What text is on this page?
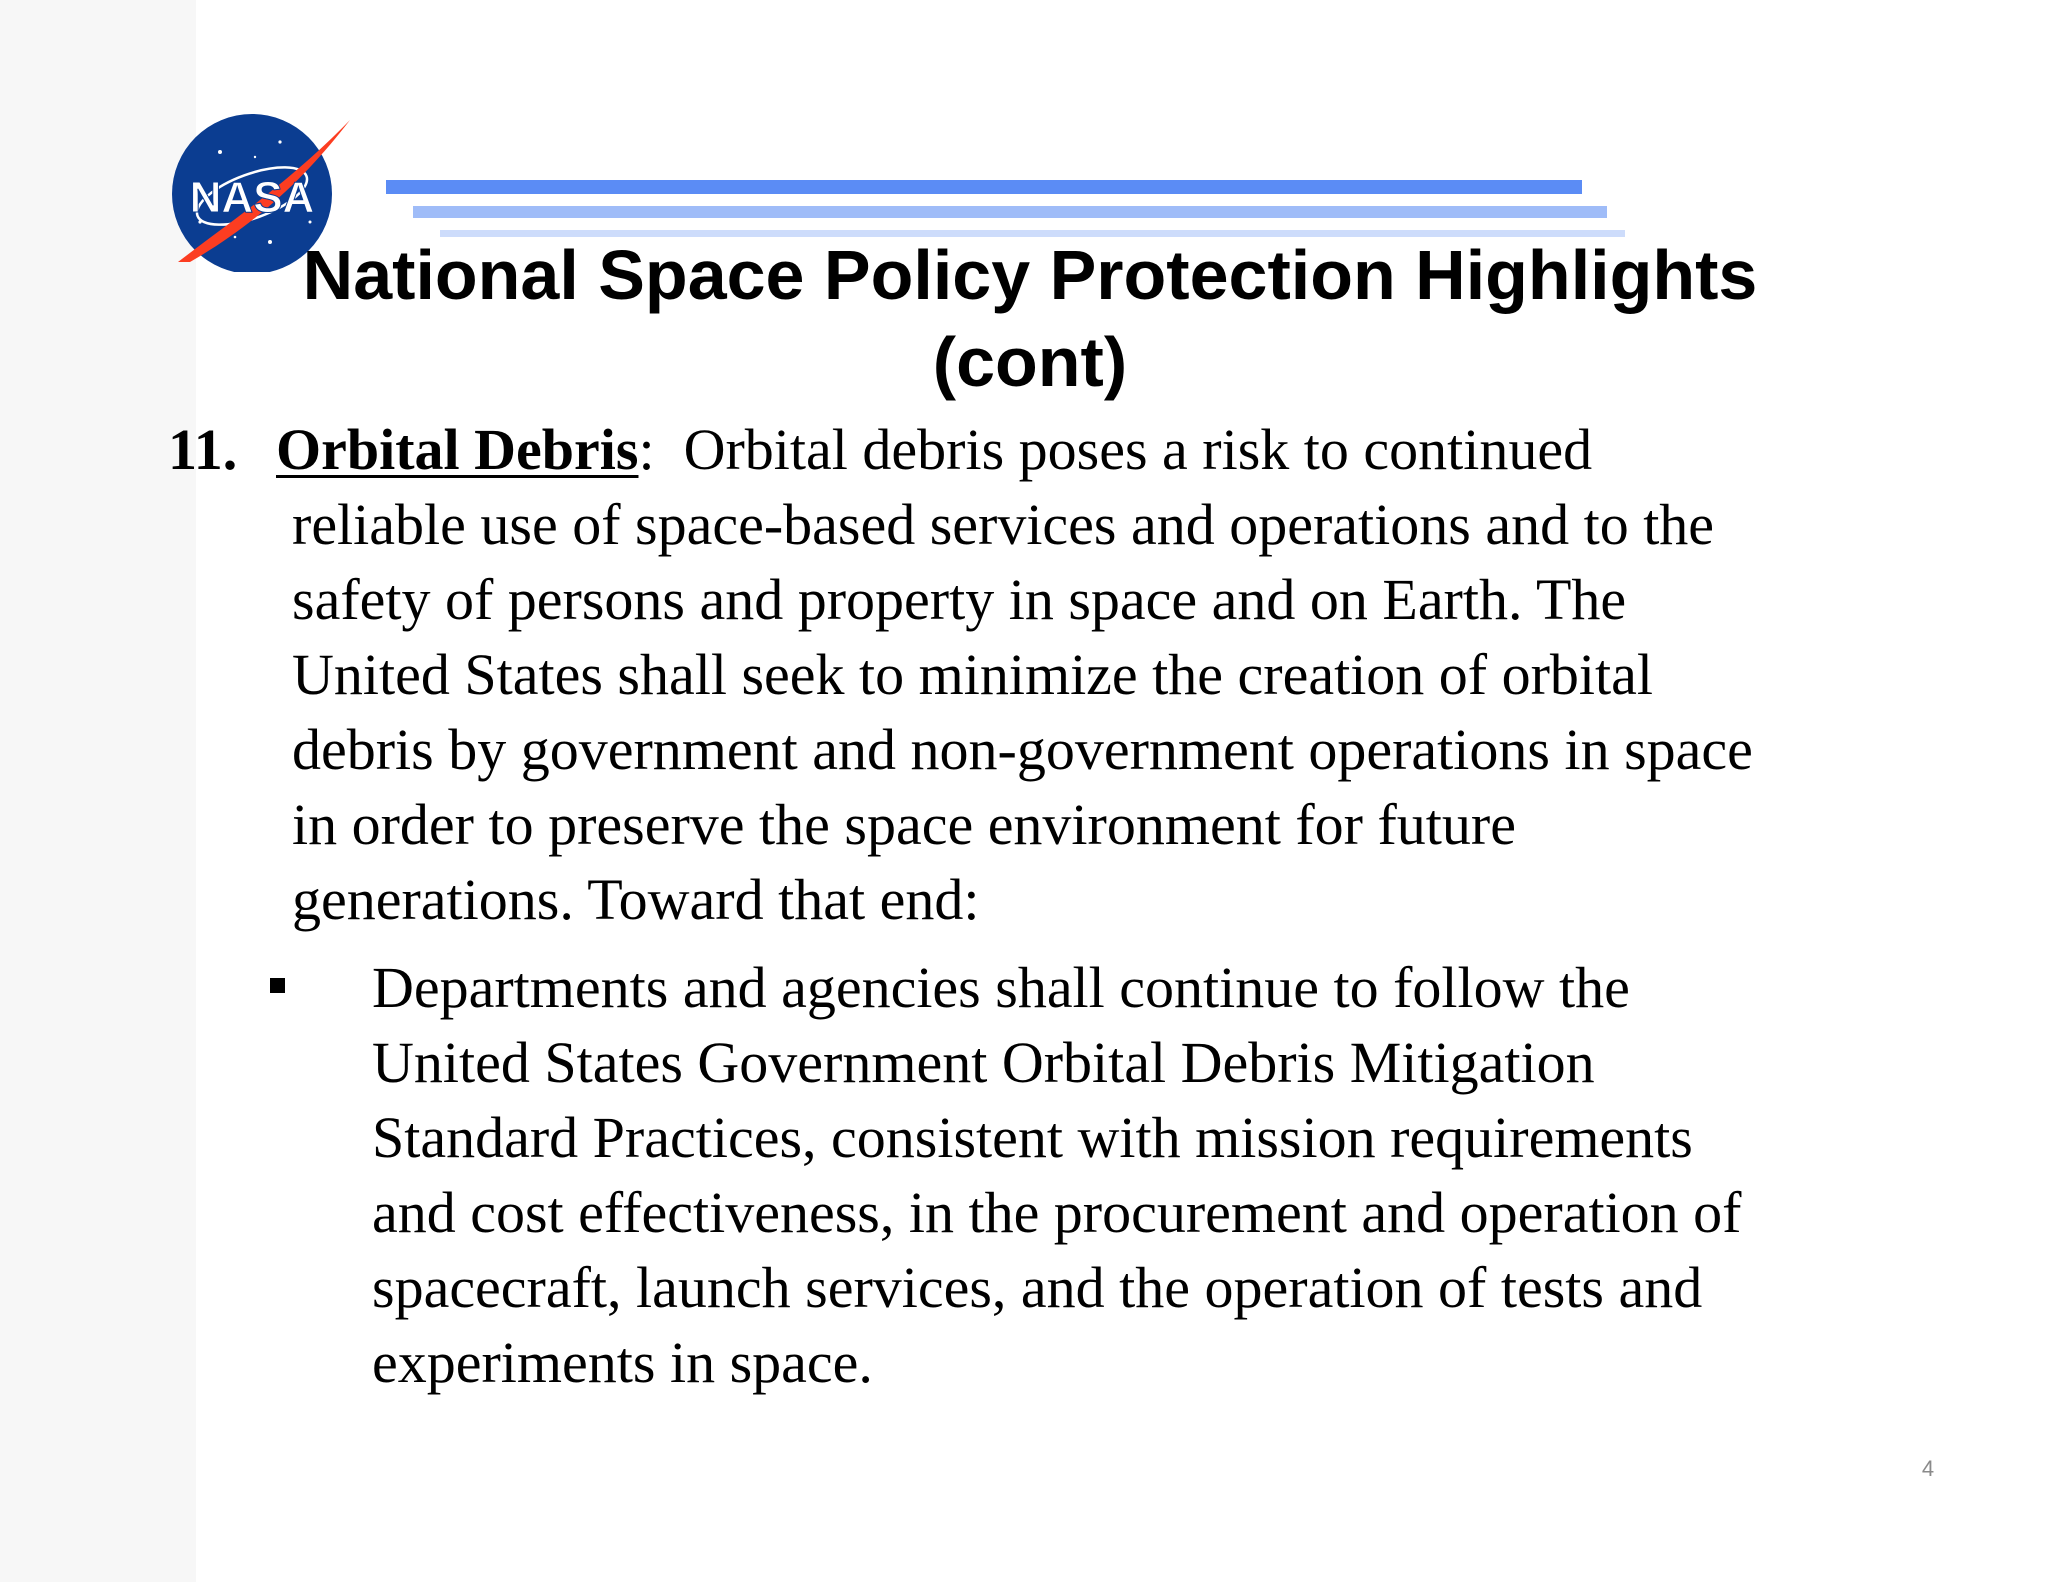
NASA
National Space Policy Protection Highlights
(cont)
11. Orbital Debris: Orbital debris poses a risk to continued
reliable use of space-based services and operations and to the
safety of persons and property in space and on Earth. The
United States shall seek to minimize the creation of orbital
debris by government and non-government operations in space
in order to preserve the space environment for future
generations. Toward that end:
Departments and agencies shall continue to follow the
United States Government Orbital Debris Mitigation
Standard Practices, consistent with mission requirements
and cost effectiveness, in the procurement and operation of
spacecraft, launch services, and the operation of tests and
experiments in space.
4
